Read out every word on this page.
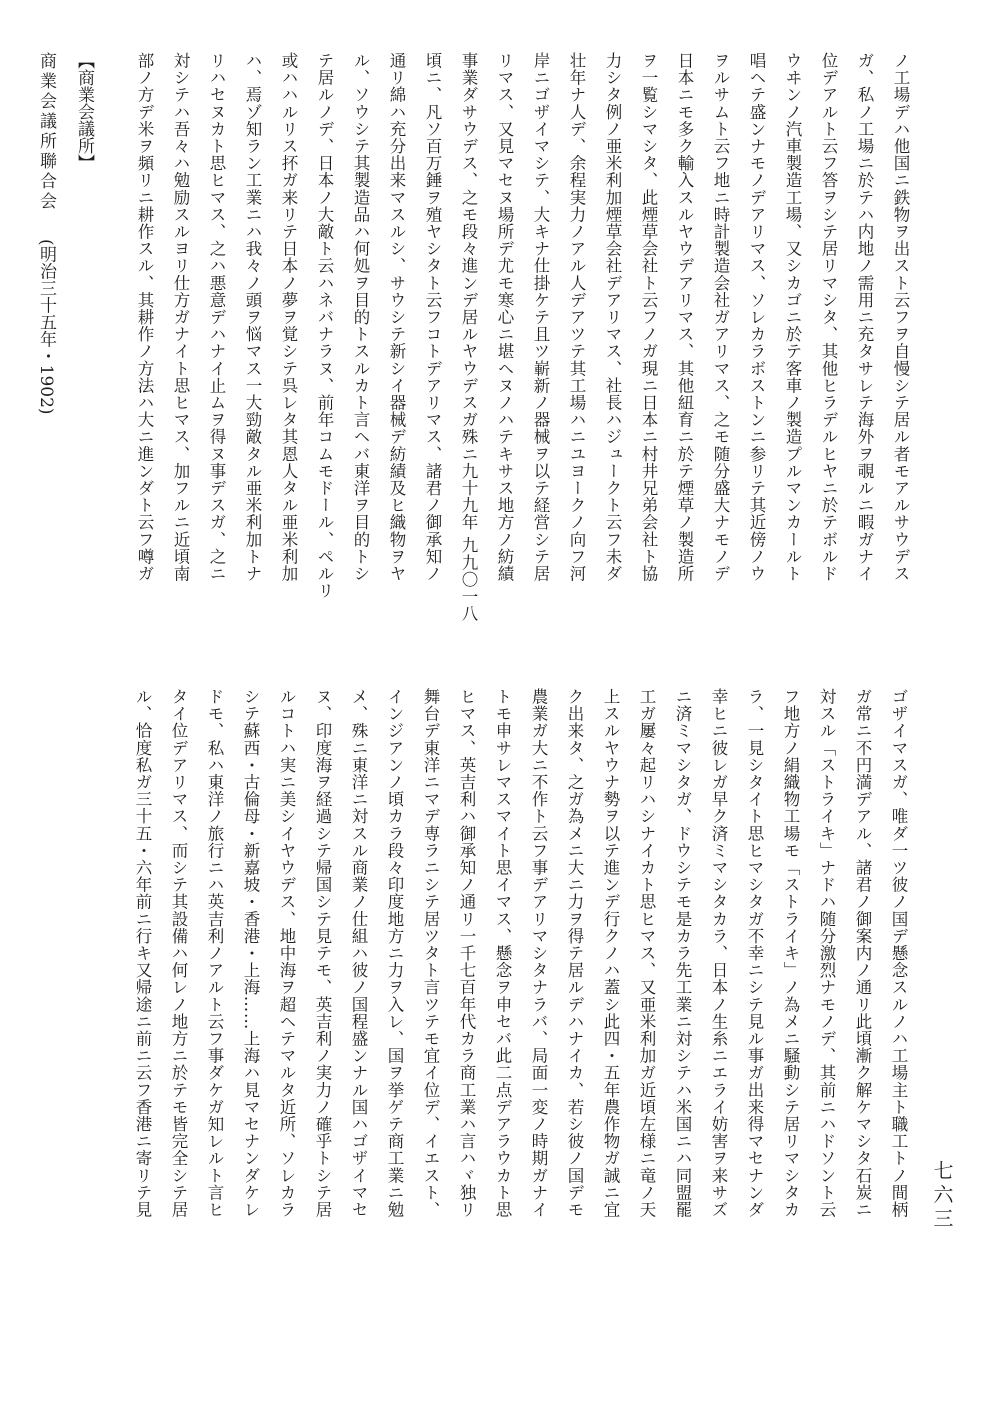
ノ工場デハ他国ニ鉄物ヲ出スト云フヲ自慢シテ居ル者モアルサウデス
ガ、私ノ工場ニ於テハ内地ノ需用ニ充タサレテ海外ヲ覗ルニ暇ガナイ
位デアルト云フ答ヲシテ居リマシタ、其他ヒラデルヒヤニ於テボルド
ウヰンノ汽車製造工場、又シカゴニ於テ客車ノ製造プルマンカールト
唱ヘテ盛ンナモノデアリマス、ソレカラボストンニ参リテ其近傍ノウ
ヲルサムト云フ地ニ時計製造会社ガアリマス、之モ随分盛大ナモノデ
日本ニモ多ク輸入スルヤウデアリマス、其他紐育ニ於テ煙草ノ製造所
ヲ一覧シマシタ、此煙草会社ト云フノガ現ニ日本ニ村井兄弟会社ト協
力シタ例ノ亜米利加煙草会社デアリマス、社長ハジュークト云フ未ダ
壮年ナ人デ、余程実力ノアル人デアツテ其工場ハニユヨークノ向フ河
岸ニゴザイマシテ、大キナ仕掛ケテ且ツ嶄新ノ器械ヲ以テ経営シテ居
リマス、又見マセヌ場所デ尤モ寒心ニ堪ヘヌノハテキサス地方ノ紡績
事業ダサウデス、之モ段々進ンデ居ルヤウデスガ殊ニ九十九年 九九〇一八
頃ニ、凡ソ百万錘ヲ殖ヤシタト云フコトデアリマス、諸君ノ御承知ノ
通リ綿ハ充分出来マスルシ、サウシテ新シイ器械デ紡績及ヒ織物ヲヤ
ル、ソウシテ其製造品ハ何処ヲ目的トスルカト言ヘバ東洋ヲ目的トシ
テ居ルノデ、日本ノ大敵ト云ハネバナラヌ、前年コムモドール、ペルリ
或ハハルリス抔ガ来リテ日本ノ夢ヲ覚シテ呉レタ其恩人タル亜米利加
ハ、焉ゾ知ラン工業ニハ我々ノ頭ヲ悩マス一大勁敵タル亜米利加トナ
リハセヌカト思ヒマス、之ハ悪意デハナイ止ムヲ得ヌ事デスガ、之ニ
対シテハ吾々ハ勉励スルヨリ仕方ガナイト思ヒマス、加フルニ近頃南
部ノ方デ米ヲ頻リニ耕作スル、其耕作ノ方法ハ大ニ進ンダト云フ噂ガ
ゴザイマスガ、唯ダ一ツ彼ノ国デ懸念スルノハ工場主ト職工トノ間柄
ガ常ニ不円満デアル、諸君ノ御案内ノ通リ此頃漸ク解ケマシタ石炭ニ
対スル「ストライキ」ナドハ随分激烈ナモノデ、其前ニハドソント云
フ地方ノ絹織物工場モ「ストライキ」ノ為メニ騒動シテ居リマシタカ
ラ、一見シタイト思ヒマシタガ不幸ニシテ見ル事ガ出来得マセナンダ
幸ヒニ彼レガ早ク済ミマシタカラ、日本ノ生糸ニエライ妨害ヲ来サズ
ニ済ミマシタガ、ドウシテモ是カラ先工業ニ対シテハ米国ニハ同盟罷
工ガ屢々起リハシナイカト思ヒマス、又亜米利加ガ近頃左様ニ竜ノ天
上スルヤウナ勢ヲ以テ進ンデ行クノハ蓋シ此四・五年農作物ガ誠ニ宜
ク出来タ、之ガ為メニ大ニ力ヲ得テ居ルデハナイカ、若シ彼ノ国デモ
農業ガ大ニ不作ト云フ事デアリマシタナラバ、局面一変ノ時期ガナイ
トモ申サレマスマイト思イマス、懸念ヲ申セバ此二点デアラウカト思
ヒマス、英吉利ハ御承知ノ通リ一千七百年代カラ商工業ハ言ハヾ独リ
舞台デ東洋ニマデ専ラニシテ居ツタト言ツテモ宜イ位デ、イエスト、
インジアンノ頃カラ段々印度地方ニ力ヲ入レ、国ヲ挙ゲテ商工業ニ勉
メ、殊ニ東洋ニ対スル商業ノ仕組ハ彼ノ国程盛ンナル国ハゴザイマセ
ヌ、印度海ヲ経過シテ帰国シテ見テモ、英吉利ノ実力ノ確乎トシテ居
ルコトハ実ニ美シイヤウデス、地中海ヲ超ヘテマルタ近所、ソレカラ
シテ蘇西・古倫母・新嘉坡・香港・上海……上海ハ見マセナンダケレ
ドモ、私ハ東洋ノ旅行ニハ英吉利ノアルト云フ事ダケガ知レルト言ヒ
タイ位デアリマス、而シテ其設備ハ何レノ地方ニ於テモ皆完全シテ居
ル、恰度私ガ三十五・六年前ニ行キ又帰途ニ前ニ云フ香港ニ寄リテ見
【商業会議所】
商業会議所聯合会 (明治三十五年・1902)
七六三
